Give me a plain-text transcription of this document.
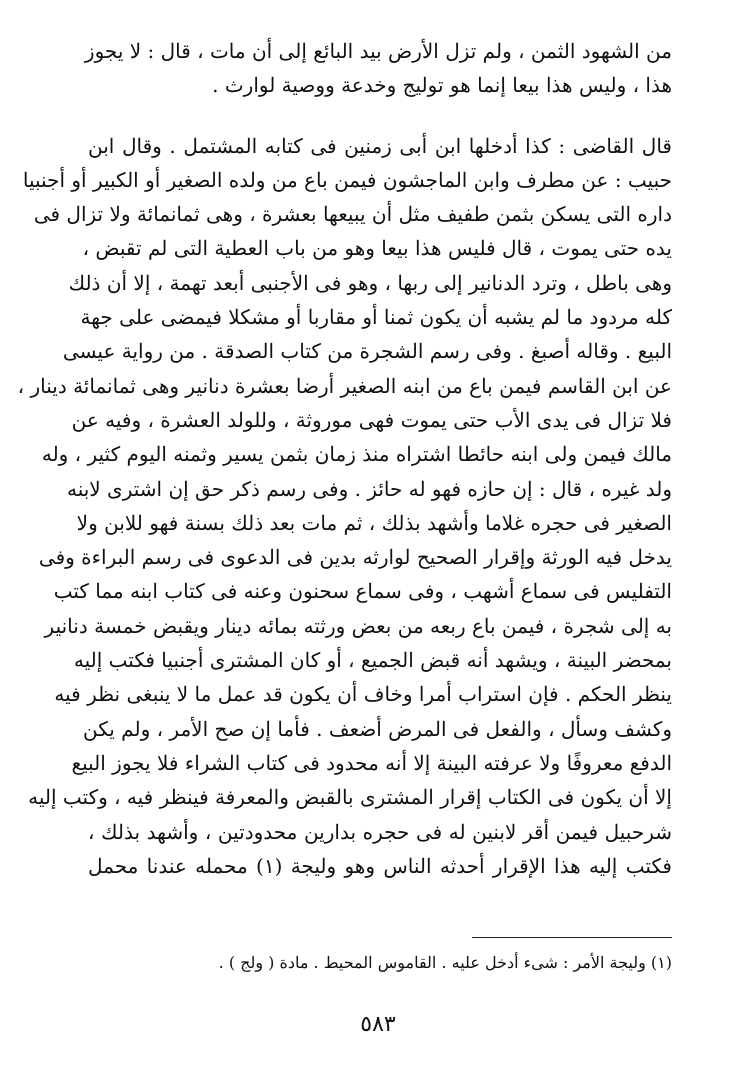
من الشهود الثمن ، ولم تزل الأرض بيد البائع إلى أن مات ، قال : لا يجوز
هذا ، وليس هذا بيعا إنما هو توليج وخدعة ووصية لوارث .
قال القاضى : كذا أدخلها ابن أبى زمنين فى كتابه المشتمل . وقال ابن
حبيب : عن مطرف وابن الماجشون فيمن باع من ولده الصغير أو الكبير أو أجنبيا
داره التى يسكن بثمن طفيف مثل أن يبيعها بعشرة ، وهى ثمانمائة ولا تزال فى
يده حتى يموت ، قال فليس هذا بيعا وهو من باب العطية التى لم تقبض ،
وهى باطل ، وترد الدنانير إلى ربها ، وهو فى الأجنبى أبعد تهمة ، إلا أن ذلك
كله مردود ما لم يشبه أن يكون ثمنا أو مقاربا أو مشكلا فيمضى على جهة
البيع . وقاله أصبغ . وفى رسم الشجرة من كتاب الصدقة . من رواية عيسى
عن ابن القاسم فيمن باع من ابنه الصغير أرضا بعشرة دنانير وهى ثمانمائة دينار ،
فلا تزال فى يدى الأب حتى يموت فهى موروثة ، وللولد العشرة ، وفيه عن
مالك فيمن ولى ابنه حائطا اشتراه منذ زمان بثمن يسير وثمنه اليوم كثير ، وله
ولد غيره ، قال : إن حازه فهو له حائز . وفى رسم ذكر حق إن اشترى لابنه
الصغير فى حجره غلاما وأشهد بذلك ، ثم مات بعد ذلك بسنة فهو للابن ولا
يدخل فيه الورثة وإقرار الصحيح لوارثه بدين فى الدعوى فى رسم البراءة وفى
التفليس فى سماع أشهب ، وفى سماع سحنون وعنه فى كتاب ابنه مما كتب
به إلى شجرة ، فيمن باع ربعه من بعض ورثته بمائه دينار ويقبض خمسة دنانير
بمحضر البينة ، ويشهد أنه قبض الجميع ، أو كان المشترى أجنبيا فكتب إليه
ينظر الحكم . فإن استراب أمرا وخاف أن يكون قد عمل ما لا ينبغى نظر فيه
وكشف وسأل ، والفعل فى المرض أضعف . فأما إن صح الأمر ، ولم يكن
الدفع معروفًا ولا عرفته البينة إلا أنه محدود فى كتاب الشراء فلا يجوز البيع
إلا أن يكون فى الكتاب إقرار المشترى بالقبض والمعرفة فينظر فيه ، وكتب إليه
شرحبيل فيمن أقر لابنين له فى حجره بدارين محدودتين ، وأشهد بذلك ،
فكتب إليه هذا الإقرار أحدثه الناس وهو وليجة (١) محمله عندنا محمل
(١) وليجة الأمر : شىء أدخل عليه . القاموس المحيط . مادة ( ولج ) .
٥٨٣
